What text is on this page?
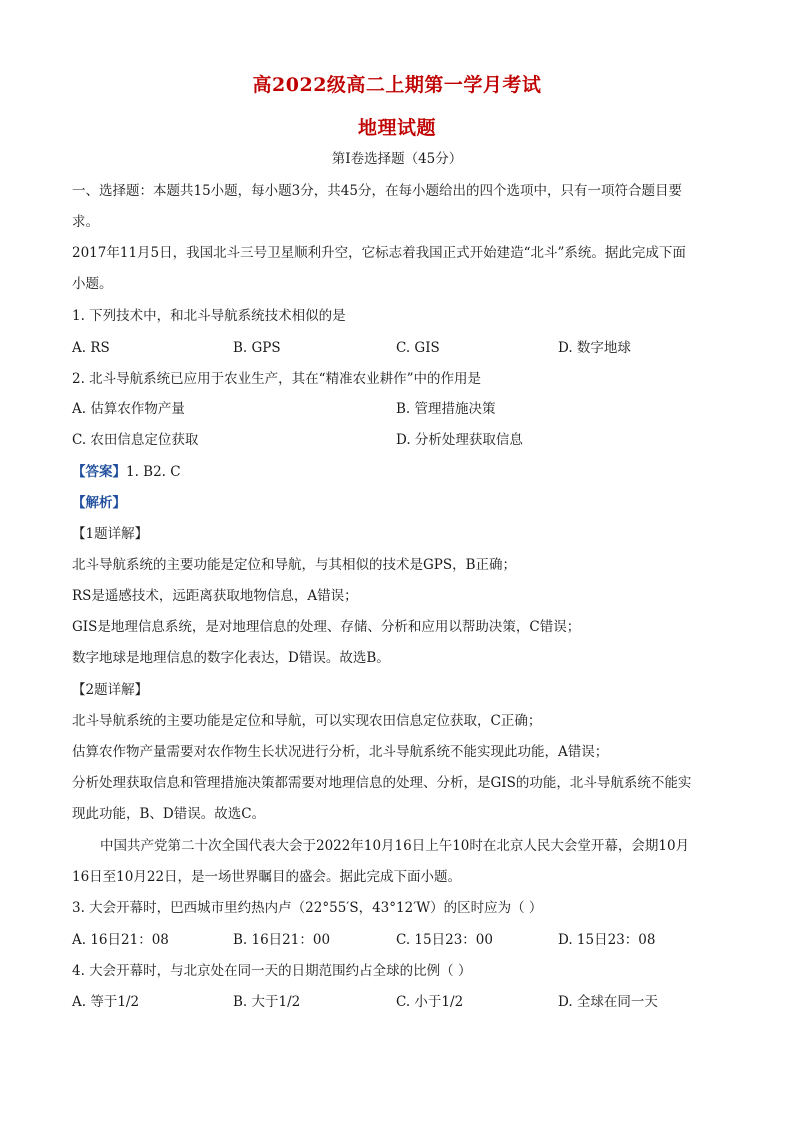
高2022级高二上期第一学月考试
地理试题
第I卷选择题（45分）
一、选择题：本题共15小题，每小题3分，共45分，在每小题给出的四个选项中，只有一项符合题目要
求。
2017年11月5日，我国北斗三号卫星顺利升空，它标志着我国正式开始建造“北斗”系统。据此完成下面
小题。
1. 下列技术中，和北斗导航系统技术相似的是
A. RS	B. GPS	C. GIS	D. 数字地球
2. 北斗导航系统已应用于农业生产，其在“精准农业耕作”中的作用是
A. 估算农作物产量	B. 管理措施决策
C. 农田信息定位获取	D. 分析处理获取信息
【答案】1. B2. C
【解析】
【1题详解】
北斗导航系统的主要功能是定位和导航，与其相似的技术是GPS，B正确；
RS是遥感技术，远距离获取地物信息，A错误；
GIS是地理信息系统，是对地理信息的处理、存储、分析和应用以帮助决策，C错误；
数字地球是地理信息的数字化表达，D错误。故选B。
【2题详解】
北斗导航系统的主要功能是定位和导航，可以实现农田信息定位获取，C正确；
估算农作物产量需要对农作物生长状况进行分析，北斗导航系统不能实现此功能，A错误；
分析处理获取信息和管理措施决策都需要对地理信息的处理、分析，是GIS的功能，北斗导航系统不能实
现此功能，B、D错误。故选C。
中国共产党第二十次全国代表大会于2022年10月16日上午10时在北京人民大会堂开幕，会期10月
16日至10月22日，是一场世界瞩目的盛会。据此完成下面小题。
3. 大会开幕时，巴西城市里约热内卢（22°55′S，43°12′W）的区时应为（ ）
A. 16日21：08	B. 16日21：00	C. 15日23：00	D. 15日23：08
4. 大会开幕时，与北京处在同一天的日期范围约占全球的比例（ ）
A. 等于1/2	B. 大于1/2	C. 小于1/2	D. 全球在同一天
